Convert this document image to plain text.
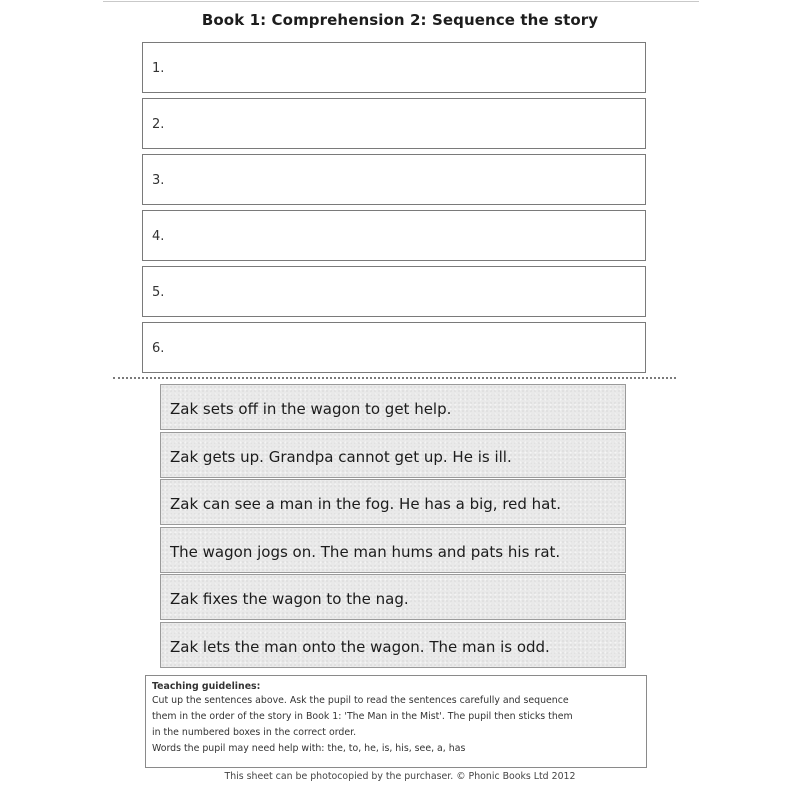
Book 1: Comprehension 2: Sequence the story
1.
2.
3.
4.
5.
6.
Zak sets off in the wagon to get help.
Zak gets up. Grandpa cannot get up. He is ill.
Zak can see a man in the fog. He has a big, red hat.
The wagon jogs on. The man hums and pats his rat.
Zak fixes the wagon to the nag.
Zak lets the man onto the wagon. The man is odd.
Teaching guidelines:
Cut up the sentences above. Ask the pupil to read the sentences carefully and sequence
them in the order of the story in Book 1: 'The Man in the Mist'. The pupil then sticks them
in the numbered boxes in the correct order.
Words the pupil may need help with: the, to, he, is, his, see, a, has
This sheet can be photocopied by the purchaser. © Phonic Books Ltd 2012
